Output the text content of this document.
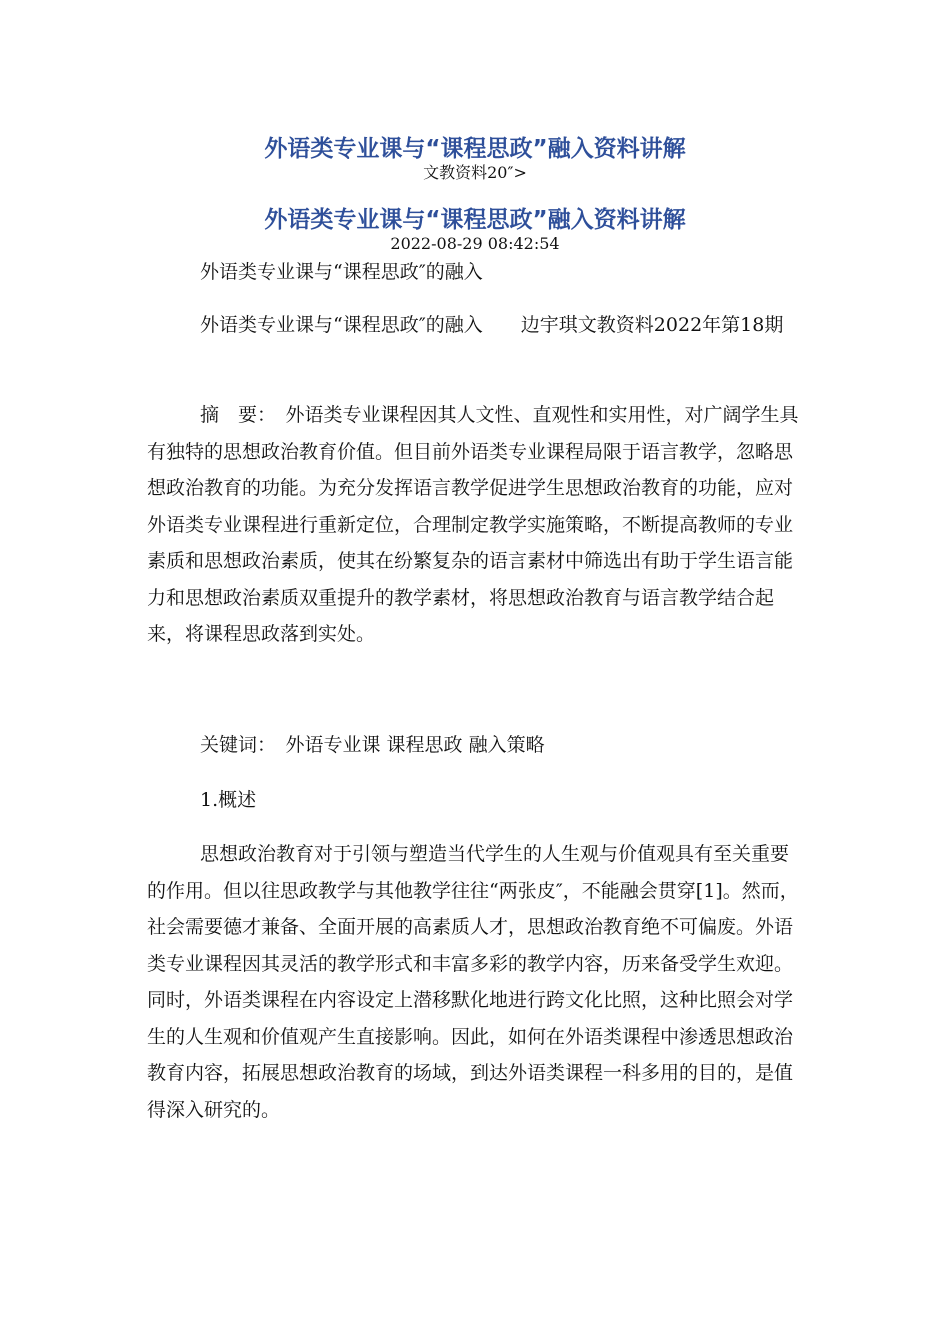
外语类专业课与“课程思政”融入资料讲解
文教资料20″>
外语类专业课与“课程思政”融入资料讲解
2022-08-29 08:42:54

外语类专业课与“课程思政″的融入

外语类专业课与“课程思政″的融入　　边宇琪文教资料2022年第18期

摘　要：　外语类专业课程因其人文性、直观性和实用性，对广阔学生具有独特的思想政治教育价值。但目前外语类专业课程局限于语言教学，忽略思想政治教育的功能。为充分发挥语言教学促进学生思想政治教育的功能，应对外语类专业课程进行重新定位，合理制定教学实施策略，不断提高教师的专业素质和思想政治素质，使其在纷繁复杂的语言素材中筛选出有助于学生语言能力和思想政治素质双重提升的教学素材，将思想政治教育与语言教学结合起来，将课程思政落到实处。

关键词：　外语专业课 课程思政 融入策略

1.概述

思想政治教育对于引领与塑造当代学生的人生观与价值观具有至关重要的作用。但以往思政教学与其他教学往往“两张皮″，不能融会贯穿[1]。然而，社会需要德才兼备、全面开展的高素质人才，思想政治教育绝不可偏废。外语类专业课程因其灵活的教学形式和丰富多彩的教学内容，历来备受学生欢迎。同时，外语类课程在内容设定上潜移默化地进行跨文化比照，这种比照会对学生的人生观和价值观产生直接影响。因此，如何在外语类课程中渗透思想政治教育内容，拓展思想政治教育的场域，到达外语类课程一科多用的目的，是值得深入研究的。
